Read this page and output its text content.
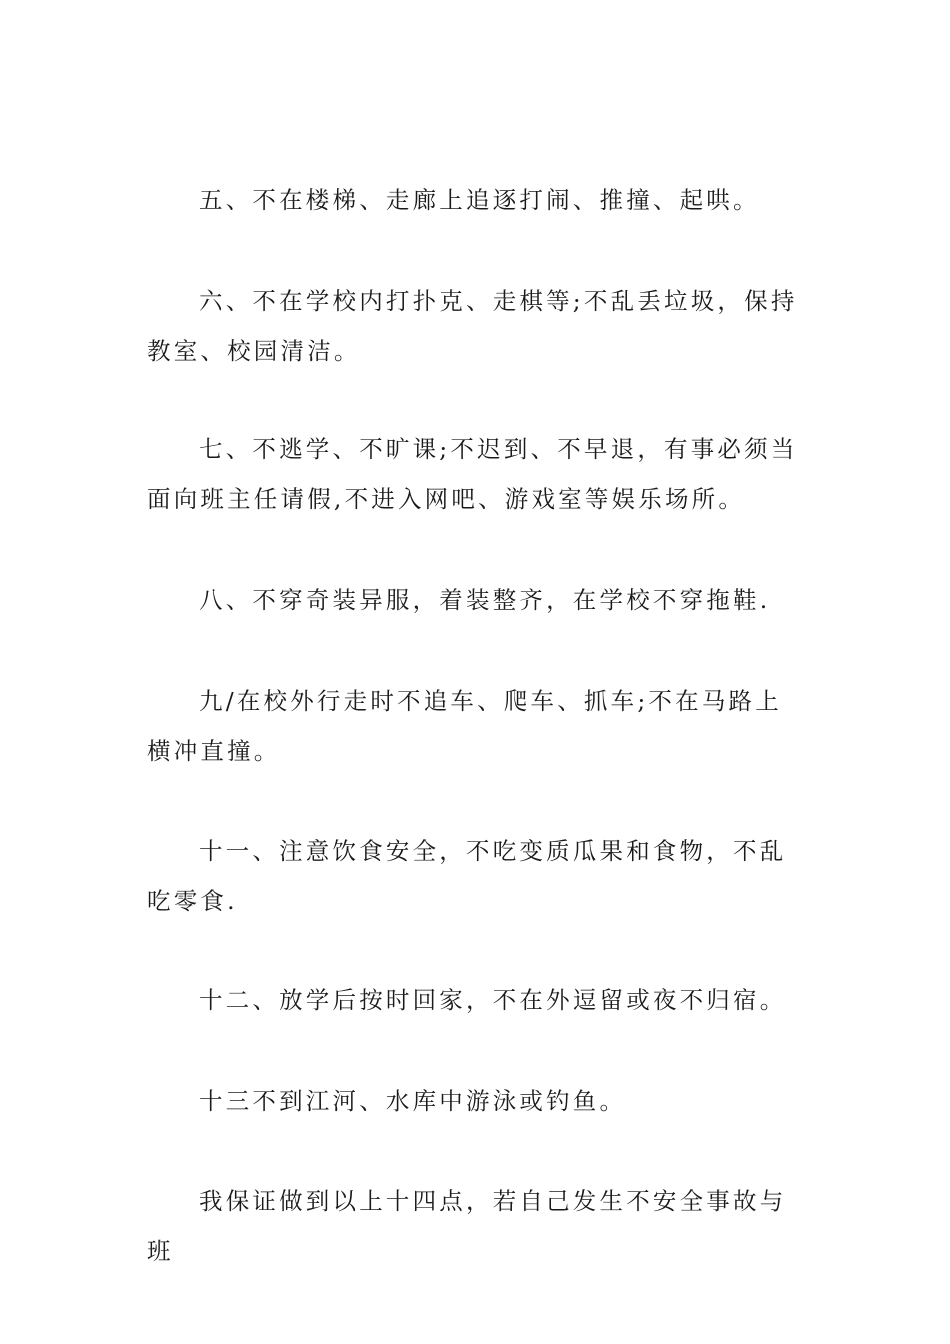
五、不在楼梯、走廊上追逐打闹、推撞、起哄。

六、不在学校内打扑克、走棋等;不乱丢垃圾，保持教室、校园清洁。

七、不逃学、不旷课;不迟到、不早退，有事必须当面向班主任请假,不进入网吧、游戏室等娱乐场所。

八、不穿奇装异服，着装整齐，在学校不穿拖鞋.

九/在校外行走时不追车、爬车、抓车;不在马路上横冲直撞。

十一、注意饮食安全，不吃变质瓜果和食物，不乱吃零食.

十二、放学后按时回家，不在外逗留或夜不归宿。

十三不到江河、水库中游泳或钓鱼。

我保证做到以上十四点，若自己发生不安全事故与班
